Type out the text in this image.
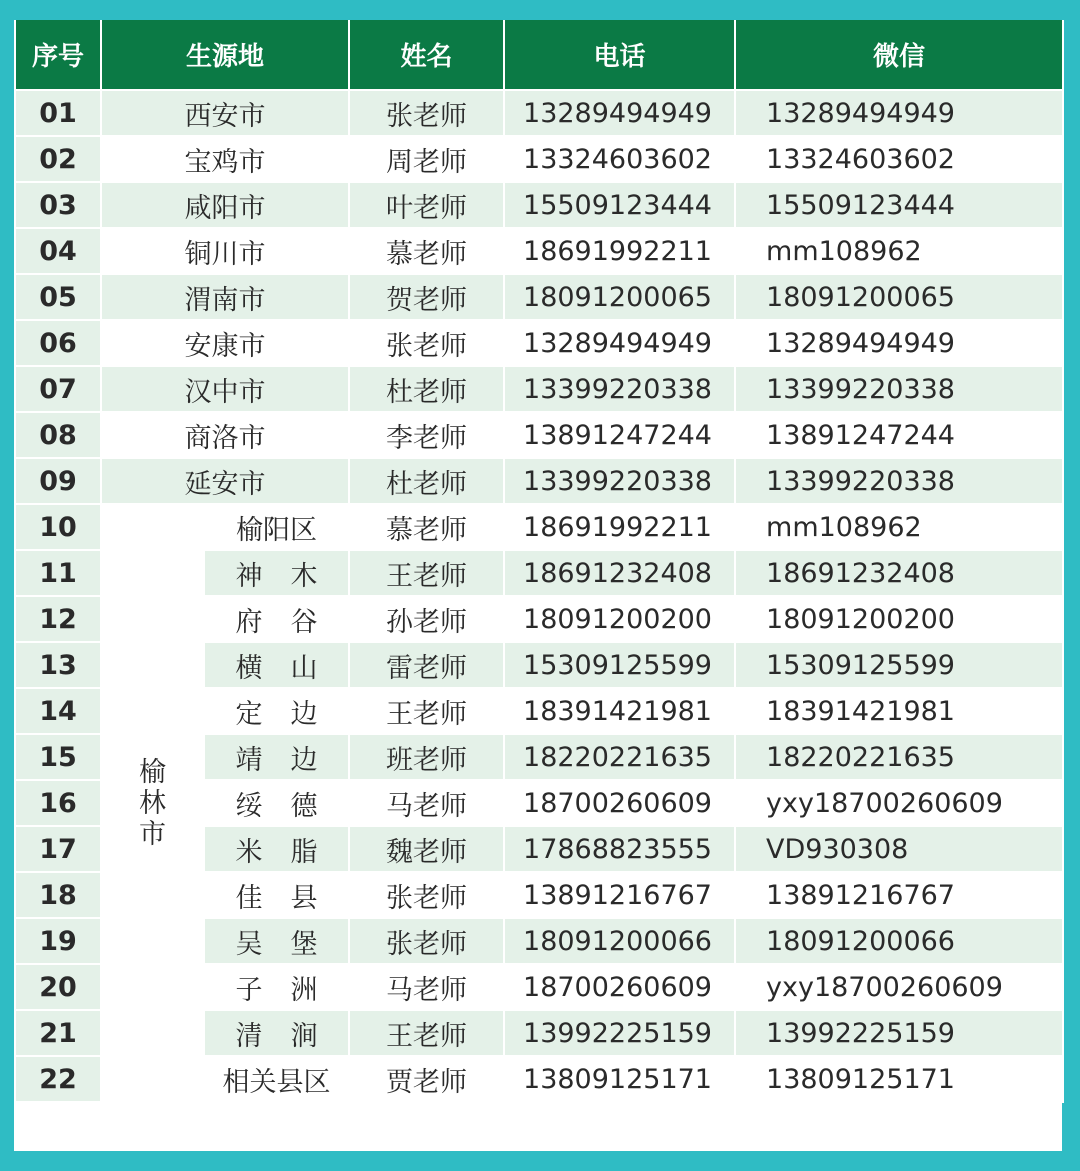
序号	生源地		姓名	电话	微信
01	西安市		张老师	13289494949	13289494949
02	宝鸡市		周老师	13324603602	13324603602
03	咸阳市		叶老师	15509123444	15509123444
04	铜川市		慕老师	18691992211	mm108962
05	渭南市		贺老师	18091200065	18091200065
06	安康市		张老师	13289494949	13289494949
07	汉中市		杜老师	13399220338	13399220338
08	商洛市		李老师	13891247244	13891247244
09	延安市		杜老师	13399220338	13399220338
10	榆林市	榆阳区	慕老师	18691992211	mm108962
11		神木	王老师	18691232408	18691232408
12		府谷	孙老师	18091200200	18091200200
13		横山	雷老师	15309125599	15309125599
14		定边	王老师	18391421981	18391421981
15		靖边	班老师	18220221635	18220221635
16		绥德	马老师	18700260609	yxy18700260609
17		米脂	魏老师	17868823555	VD930308
18		佳县	张老师	13891216767	13891216767
19		吴堡	张老师	18091200066	18091200066
20		子洲	马老师	18700260609	yxy18700260609
21		清涧	王老师	13992225159	13992225159
22		相关县区	贾老师	13809125171	13809125171
